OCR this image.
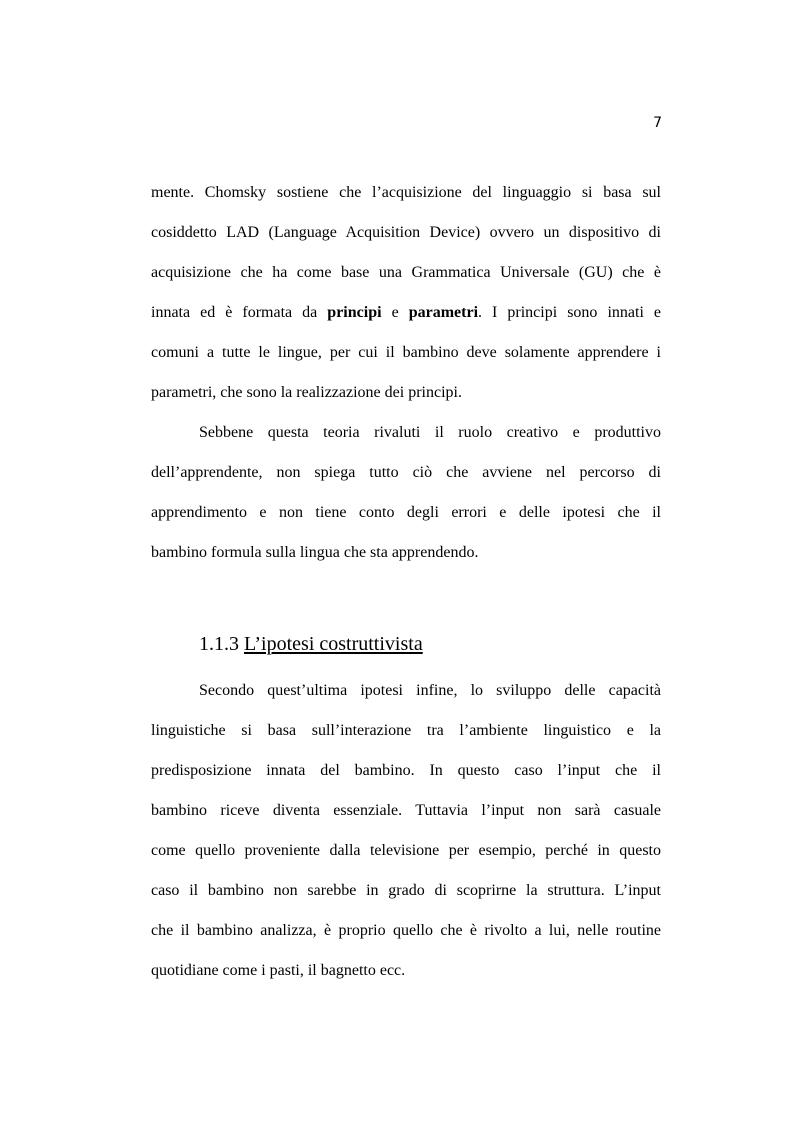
7
mente. Chomsky sostiene che l’acquisizione del linguaggio si basa sul
cosiddetto LAD (Language Acquisition Device) ovvero un dispositivo di
acquisizione che ha come base una Grammatica Universale (GU) che è
innata ed è formata da principi e parametri. I principi sono innati e
comuni a tutte le lingue, per cui il bambino deve solamente apprendere i
parametri, che sono la realizzazione dei principi.
Sebbene questa teoria rivaluti il ruolo creativo e produttivo
dell’apprendente, non spiega tutto ciò che avviene nel percorso di
apprendimento e non tiene conto degli errori e delle ipotesi che il
bambino formula sulla lingua che sta apprendendo.
1.1.3 L’ipotesi costruttivista
Secondo quest’ultima ipotesi infine, lo sviluppo delle capacità
linguistiche si basa sull’interazione tra l’ambiente linguistico e la
predisposizione innata del bambino. In questo caso l’input che il
bambino riceve diventa essenziale. Tuttavia l’input non sarà casuale
come quello proveniente dalla televisione per esempio, perché in questo
caso il bambino non sarebbe in grado di scoprirne la struttura. L’input
che il bambino analizza, è proprio quello che è rivolto a lui, nelle routine
quotidiane come i pasti, il bagnetto ecc.
